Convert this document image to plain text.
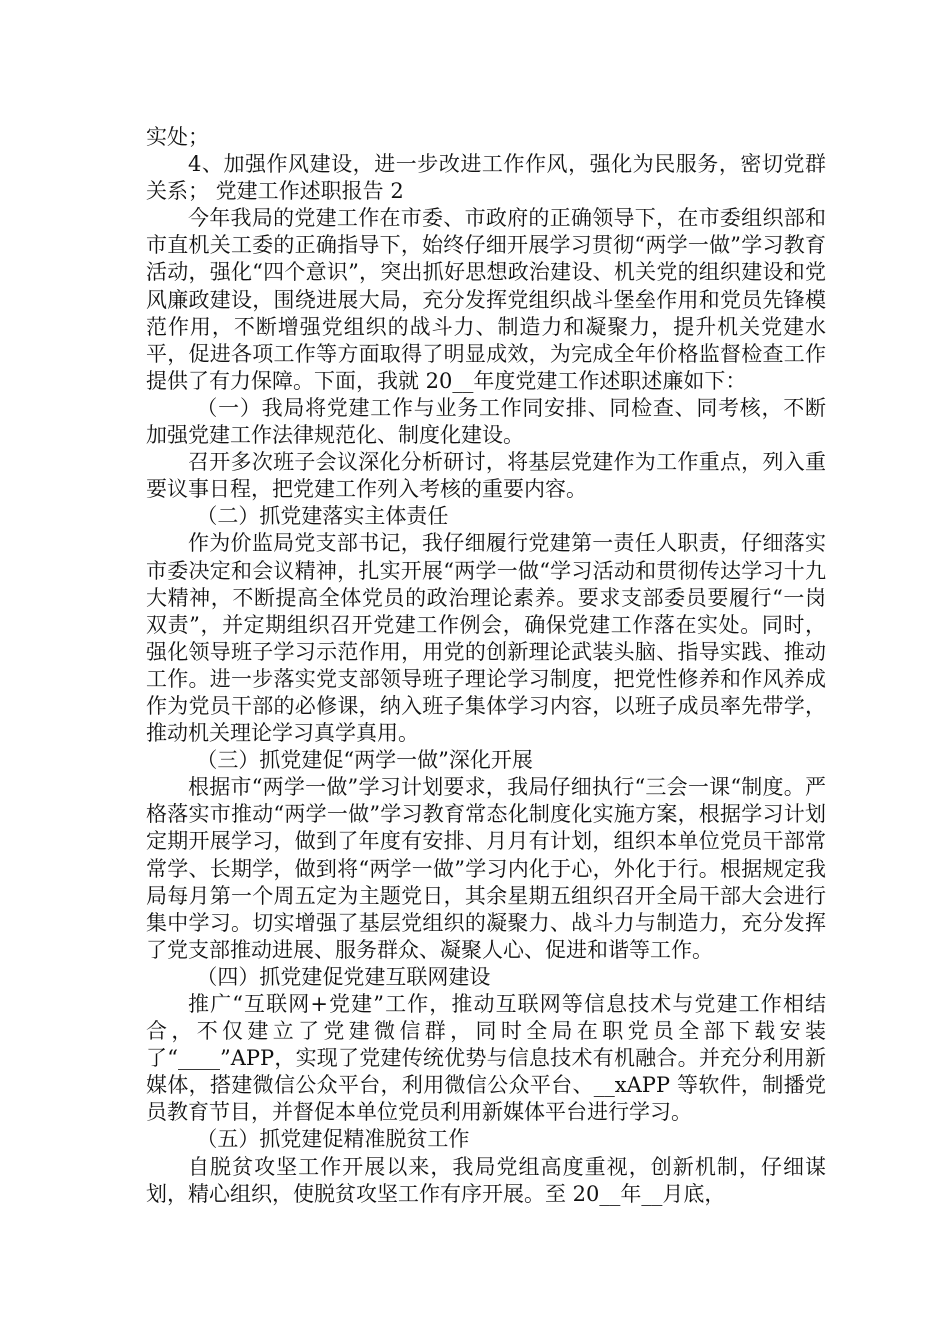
实处；

4、加强作风建设，进一步改进工作作风，强化为民服务，密切党群关系； 党建工作述职报告 2

今年我局的党建工作在市委、市政府的正确领导下，在市委组织部和市直机关工委的正确指导下，始终仔细开展学习贯彻“两学一做”学习教育活动，强化“四个意识”，突出抓好思想政治建设、机关党的组织建设和党风廉政建设，围绕进展大局，充分发挥党组织战斗堡垒作用和党员先锋模范作用，不断增强党组织的战斗力、制造力和凝聚力，提升机关党建水平，促进各项工作等方面取得了明显成效，为完成全年价格监督检查工作提供了有力保障。下面，我就 20__年度党建工作述职述廉如下：

（一）我局将党建工作与业务工作同安排、同检查、同考核，不断加强党建工作法律规范化、制度化建设。

召开多次班子会议深化分析研讨，将基层党建作为工作重点，列入重要议事日程，把党建工作列入考核的重要内容。

（二）抓党建落实主体责任

作为价监局党支部书记，我仔细履行党建第一责任人职责，仔细落实市委决定和会议精神，扎实开展“两学一做“学习活动和贯彻传达学习十九大精神，不断提高全体党员的政治理论素养。要求支部委员要履行“一岗双责”，并定期组织召开党建工作例会，确保党建工作落在实处。同时，强化领导班子学习示范作用，用党的创新理论武装头脑、指导实践、推动工作。进一步落实党支部领导班子理论学习制度，把党性修养和作风养成作为党员干部的必修课，纳入班子集体学习内容，以班子成员率先带学，推动机关理论学习真学真用。

（三）抓党建促“两学一做”深化开展

根据市“两学一做”学习计划要求，我局仔细执行“三会一课“制度。严格落实市推动“两学一做”学习教育常态化制度化实施方案，根据学习计划定期开展学习，做到了年度有安排、月月有计划，组织本单位党员干部常常学、长期学，做到将“两学一做”学习内化于心，外化于行。根据规定我局每月第一个周五定为主题党日，其余星期五组织召开全局干部大会进行集中学习。切实增强了基层党组织的凝聚力、战斗力与制造力，充分发挥了党支部推动进展、服务群众、凝聚人心、促进和谐等工作。

（四）抓党建促党建互联网建设

推广“互联网+党建”工作，推动互联网等信息技术与党建工作相结合，不仅建立了党建微信群，同时全局在职党员全部下载安装了“____”APP，实现了党建传统优势与信息技术有机融合。并充分利用新媒体，搭建微信公众平台，利用微信公众平台、__xAPP 等软件，制播党员教育节目，并督促本单位党员利用新媒体平台进行学习。

（五）抓党建促精准脱贫工作

自脱贫攻坚工作开展以来，我局党组高度重视，创新机制，仔细谋划，精心组织，使脱贫攻坚工作有序开展。至 20__年__月底，
